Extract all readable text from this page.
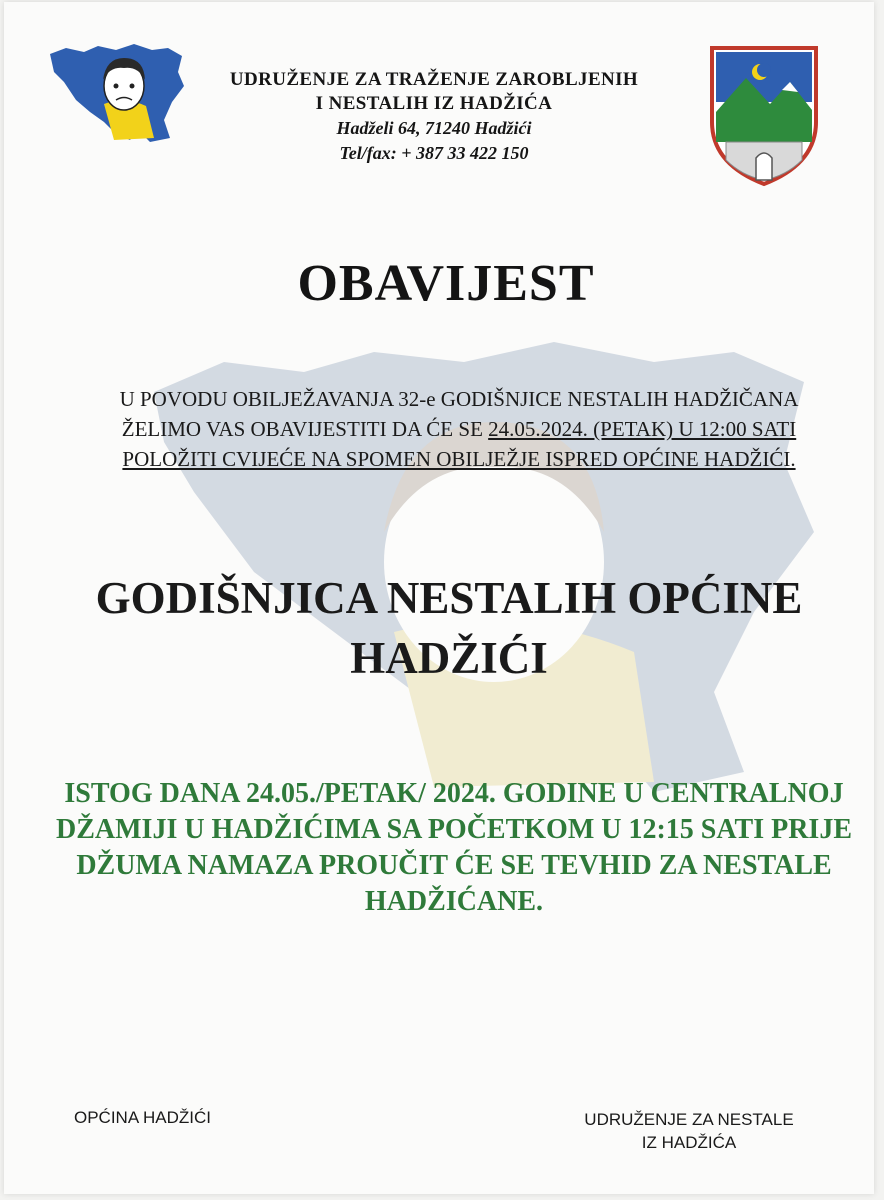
UDRUŽENJE ZA TRAŽENJE ZAROBLJENIH
I NESTALIH IZ HADŽIĆA
Hadželi 64, 71240 Hadžići
Tel/fax: + 387 33 422 150
OBAVIJEST
U POVODU OBILJEŽAVANJA 32-e GODIŠNJICE NESTALIH HADŽIČANA
ŽELIMO VAS OBAVIJESTITI DA ĆE SE 24.05.2024. (PETAK) U 12:00 SATI
POLOŽITI CVIJEĆE NA SPOMEN OBILJEŽJE ISPRED OPĆINE HADŽIĆI.
GODIŠNJICA NESTALIH OPĆINE
HADŽIĆI
ISTOG DANA 24.05./PETAK/ 2024. GODINE U CENTRALNOJ
DŽAMIJI U HADŽIĆIMA SA POČETKOM U 12:15 SATI PRIJE
DŽUMA NAMAZA PROUČIT ĆE SE TEVHID ZA NESTALE
HADŽIĆANE.
OPĆINA HADŽIĆI	UDRUŽENJE ZA NESTALE
IZ HADŽIĆA
